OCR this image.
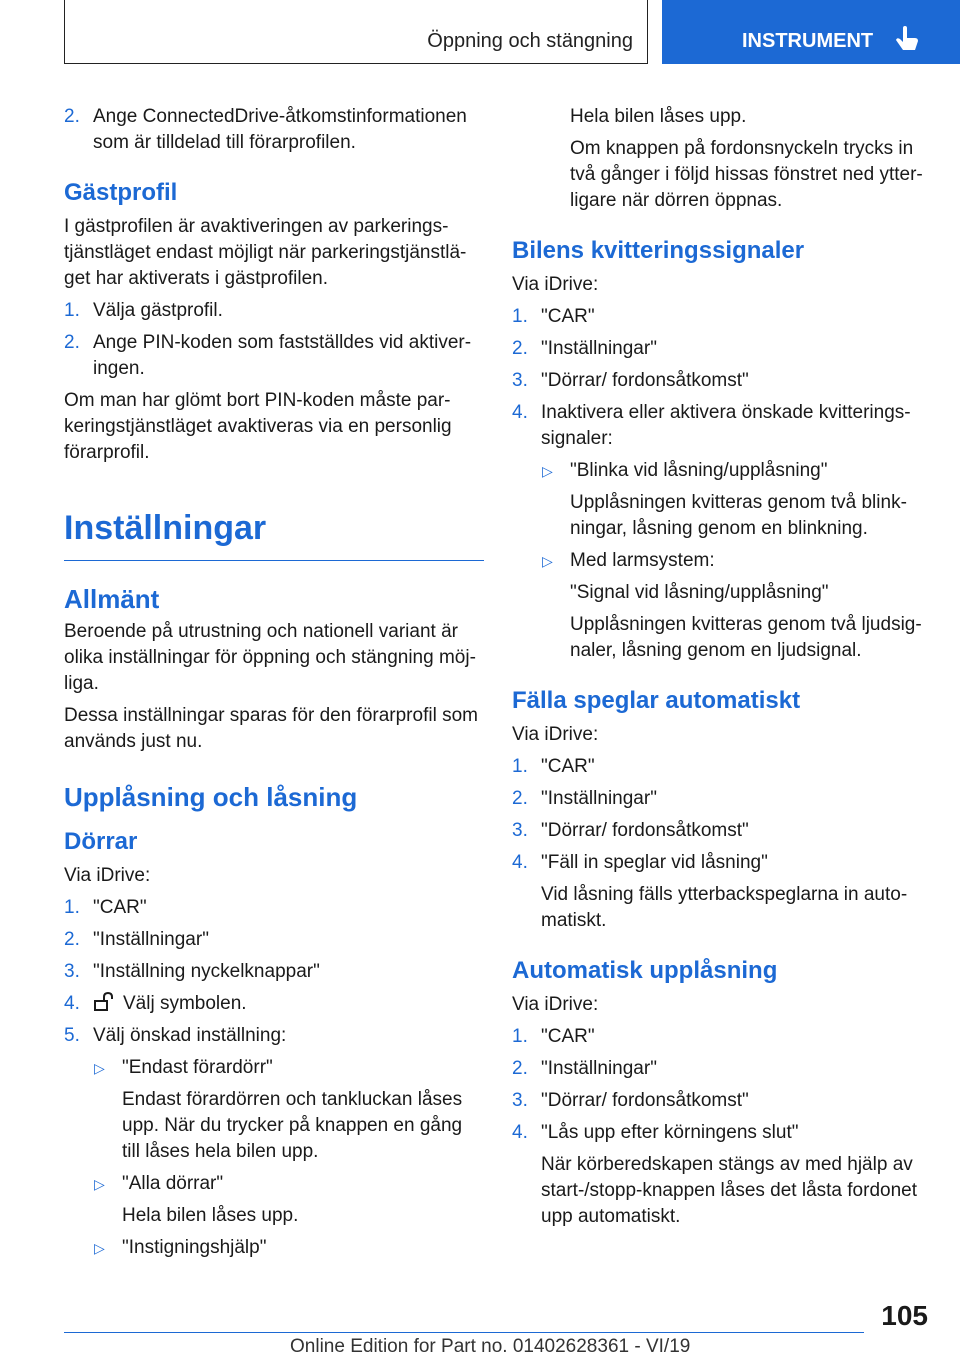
Öppning och stängning	INSTRUMENT
2. Ange ConnectedDrive-åtkomstinformationen som är tilldelad till förarprofilen.
Gästprofil

I gästprofilen är avaktiveringen av parkerings-tjänstläget endast möjligt när parkeringstjänstlä-get har aktiverats i gästprofilen.

1. Välja gästprofil.
2. Ange PIN-koden som fastställdes vid aktiver-ingen.

Om man har glömt bort PIN-koden måste par-keringstjänstläget avaktiveras via en personlig förarprofil.

Inställningar
Allmänt

Beroende på utrustning och nationell variant är olika inställningar för öppning och stängning möj-liga.

Dessa inställningar sparas för den förarprofil som används just nu.

Upplåsning och låsning
Dörrar

Via iDrive:

1. "CAR"
2. "Inställningar"
3. "Inställning nyckelknappar"
4. Välj symbolen.
5. Välj önskad inställning:
▷ "Endast förardörr"

Endast förardörren och tankluckan låses upp. När du trycker på knappen en gång till låses hela bilen upp.

▷ "Alla dörrar"

Hela bilen låses upp.

▷ "Instigningshjälp"

Hela bilen låses upp.

Om knappen på fordonsnyckeln trycks in två gånger i följd hissas fönstret ned ytter-ligare när dörren öppnas.

Bilens kvitteringssignaler

Via iDrive:

1. "CAR"
2. "Inställningar"
3. "Dörrar/ fordonsåtkomst"
4. Inaktivera eller aktivera önskade kvitterings-signaler:
▷ "Blinka vid låsning/upplåsning"

Upplåsningen kvitteras genom två blink-ningar, låsning genom en blinkning.

▷ Med larmsystem:

"Signal vid låsning/upplåsning"

Upplåsningen kvitteras genom två ljudsig-naler, låsning genom en ljudsignal.

Fälla speglar automatiskt

Via iDrive:

1. "CAR"
2. "Inställningar"
3. "Dörrar/ fordonsåtkomst"
4. "Fäll in speglar vid låsning"

Vid låsning fälls ytterbackspeglarna in auto-matiskt.

Automatisk upplåsning

Via iDrive:

1. "CAR"
2. "Inställningar"
3. "Dörrar/ fordonsåtkomst"
4. "Lås upp efter körningens slut"

När körberedskapen stängs av med hjälp av start-/stopp-knappen låses det låsta fordonet upp automatiskt.

105
Online Edition for Part no. 01402628361 - VI/19
